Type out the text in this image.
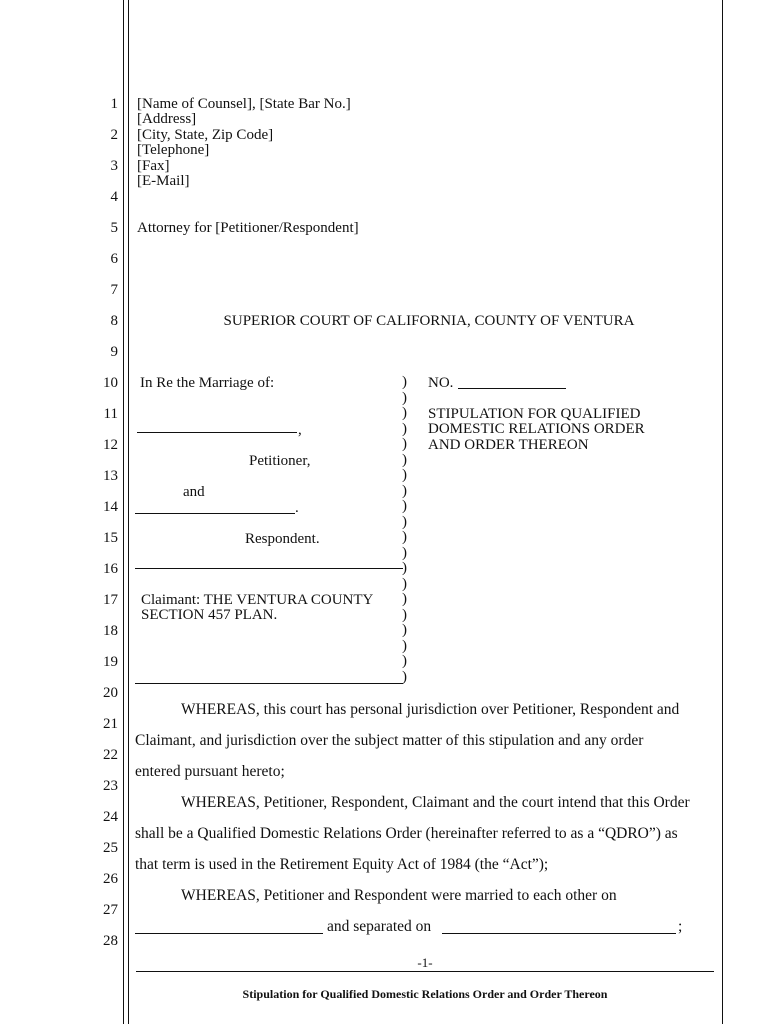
1
2
3
4
5
6
7
8
9
10
11
12
13
14
15
16
17
18
19
20
21
22
23
24
25
26
27
28
[Name of Counsel], [State Bar No.]
[Address]
[City, State, Zip Code]
[Telephone]
[Fax]
[E-Mail]
Attorney for [Petitioner/Respondent]
SUPERIOR COURT OF CALIFORNIA, COUNTY OF VENTURA
In Re the Marriage of:
,
Petitioner,
and
.
Respondent.
Claimant: THE VENTURA COUNTY
SECTION 457 PLAN.
)
)
)
)
)
)
)
)
)
)
)
)
)
)
)
)
)
)
)
)
NO.
STIPULATION FOR QUALIFIED
DOMESTIC RELATIONS ORDER
AND ORDER THEREON
WHEREAS, this court has personal jurisdiction over Petitioner, Respondent and
Claimant, and jurisdiction over the subject matter of this stipulation and any order
entered pursuant hereto;
WHEREAS, Petitioner, Respondent, Claimant and the court intend that this Order
shall be a Qualified Domestic Relations Order (hereinafter referred to as a “QDRO”) as
that term is used in the Retirement Equity Act of 1984 (the “Act”);
WHEREAS, Petitioner and Respondent were married to each other on
and separated on	;
-1-
Stipulation for Qualified Domestic Relations Order and Order Thereon
